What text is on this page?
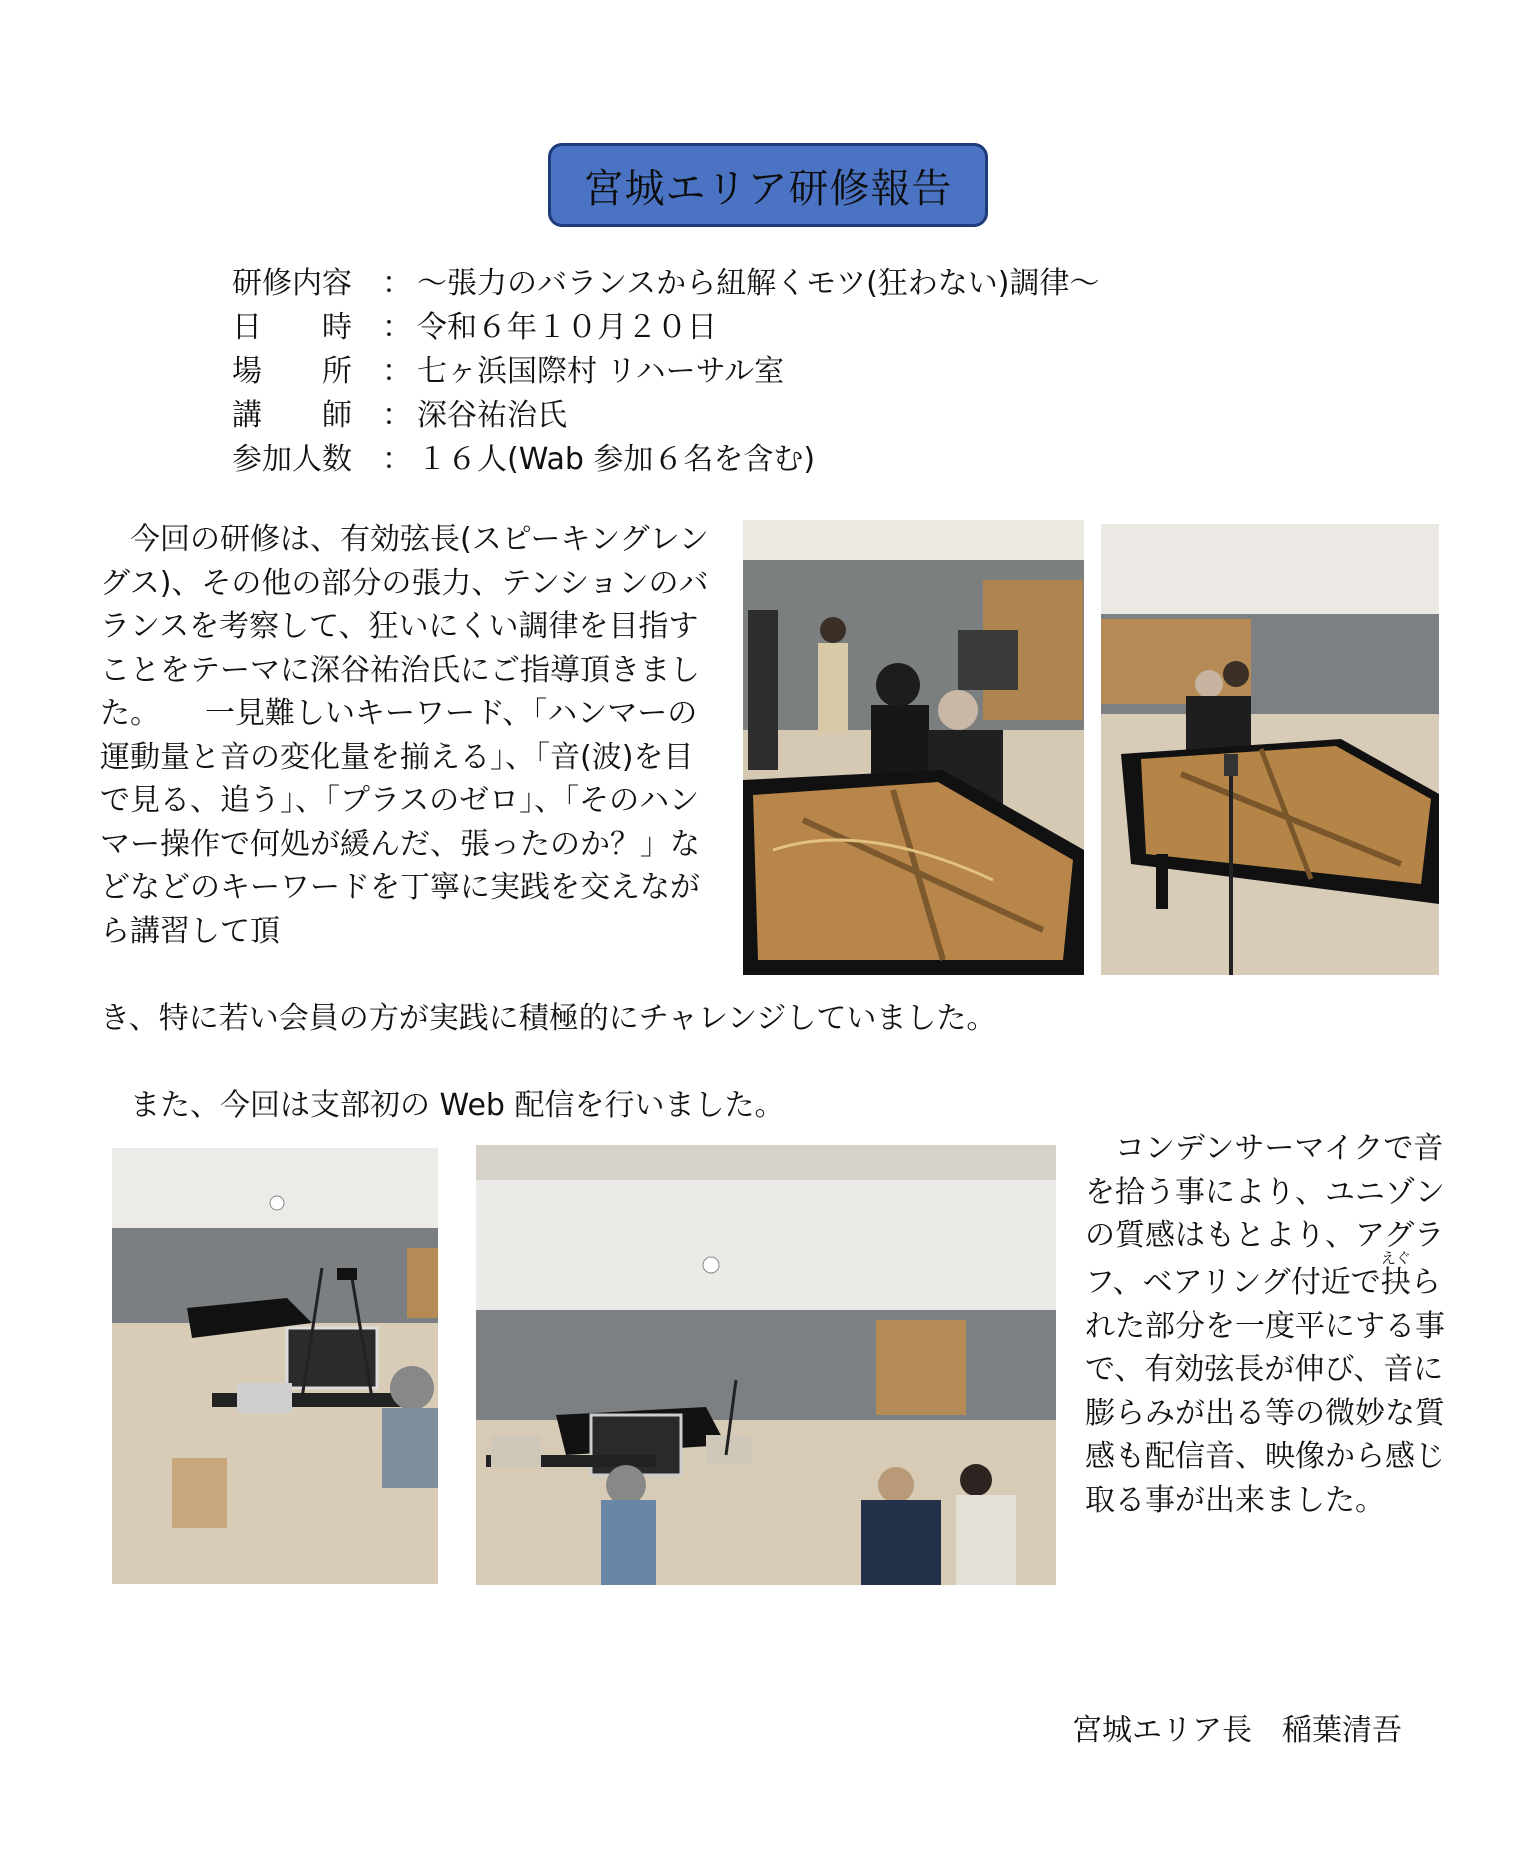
宮城エリア研修報告
研修内容	： ～張力のバランスから紐解くモツ(狂わない)調律～
日　　時	： 令和６年１０月２０日
場　　所	： 七ヶ浜国際村 リハーサル室
講　　師	： 深谷祐治氏
参加人数	： １６人(Wab 参加６名を含む)
　今回の研修は、有効弦長(スピーキングレングス)、その他の部分の張力、テンションのバランスを考察して、狂いにくい調律を目指すことをテーマに深谷祐治氏にご指導頂きました。　　一見難しいキーワード、「ハンマーの運動量と音の変化量を揃える」、「音(波)を目で見る、追う」、「プラスのゼロ」、「そのハンマー操作で何処が緩んだ、張ったのか？」などなどのキーワードを丁寧に実践を交えながら講習して頂
き、特に若い会員の方が実践に積極的にチャレンジしていました。
　また、今回は支部初の Web 配信を行いました。
　コンデンサーマイクで音を拾う事により、ユニゾンの質感はもとより、アグラフ、ベアリング付近で抉えぐられた部分を一度平にする事で、有効弦長が伸び、音に膨らみが出る等の微妙な質感も配信音、映像から感じ取る事が出来ました。
宮城エリア長　稲葉清吾
